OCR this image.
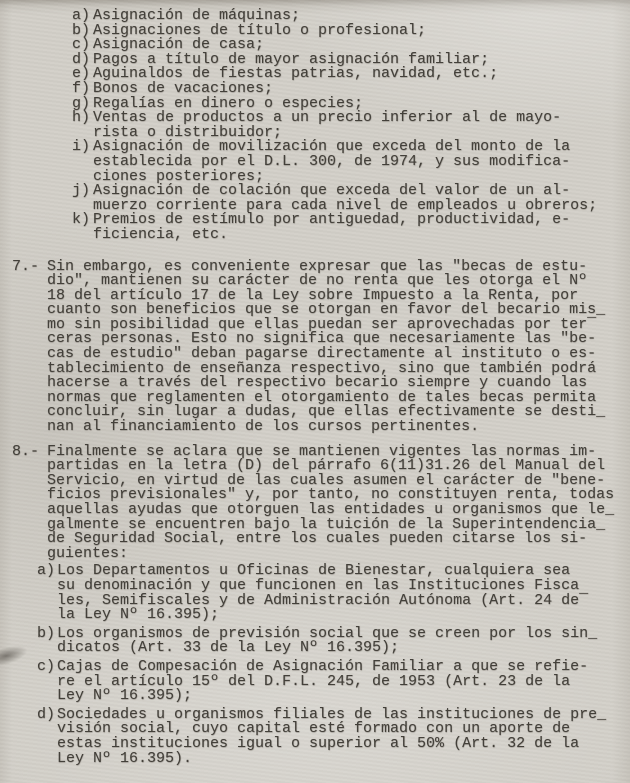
a) Asignación de máquinas;
b) Asignaciones de título o profesional;
c) Asignación de casa;
d) Pagos a título de mayor asignación familiar;
e) Aguinaldos de fiestas patrias, navidad, etc.;
f) Bonos de vacaciones;
g) Regalías en dinero o especies;
h) Ventas de productos a un precio inferior al de mayo-
rista o distribuidor;
i) Asignación de movilización que exceda del monto de la
establecida por el D.L. 300, de 1974, y sus modifica-
ciones posteriores;
j) Asignación de colación que exceda del valor de un al-
muerzo corriente para cada nivel de empleados u obreros;
k) Premios de estímulo por antiguedad, productividad, e-
ficiencia, etc.
7.- Sin embargo, es conveniente expresar que las "becas de estu-
dio", mantienen su carácter de no renta que les otorga el Nº
18 del artículo 17 de la Ley sobre Impuesto a la Renta, por
cuanto son beneficios que se otorgan en favor del becario mis_
mo sin posibilidad que ellas puedan ser aprovechadas por ter‾
ceras personas. Esto no significa que necesariamente las "be-
cas de estudio" deban pagarse directamente al instituto o es-
tablecimiento de enseñanza respectivo, sino que también podrá
hacerse a través del respectivo becario siempre y cuando las
normas que reglamenten el otorgamiento de tales becas permita
concluir, sin lugar a dudas, que ellas efectivamente se desti_
nan al financiamiento de los cursos pertinentes.
8.- Finalmente se aclara que se mantienen vigentes las normas im-
partidas en la letra (D) del párrafo 6(11)31.26 del Manual del
Servicio, en virtud de las cuales asumen el carácter de "bene-
ficios previsionales" y, por tanto, no constituyen renta, todas
aquellas ayudas que otorguen las entidades u organismos que le_
galmente se encuentren bajo la tuición de la Superintendencia_
de Seguridad Social, entre los cuales pueden citarse los si-
guientes:
a) Los Departamentos u Oficinas de Bienestar, cualquiera sea
su denominación y que funcionen en las Instituciones Fisca
les, Semifiscales y de Administración Autónoma (Art. 24 de‾
la Ley Nº 16.395);
b) Los organismos de previsión social que se creen por los sin_
dicatos (Art. 33 de la Ley Nº 16.395);
c) Cajas de Compesación de Asignación Familiar a que se refie-
re el artículo 15º del D.F.L. 245, de 1953 (Art. 23 de la
Ley Nº 16.395);
d) Sociedades u organismos filiales de las instituciones de pre_
visión social, cuyo capital esté formado con un aporte de
estas instituciones igual o superior al 50% (Art. 32 de la
Ley Nº 16.395).
